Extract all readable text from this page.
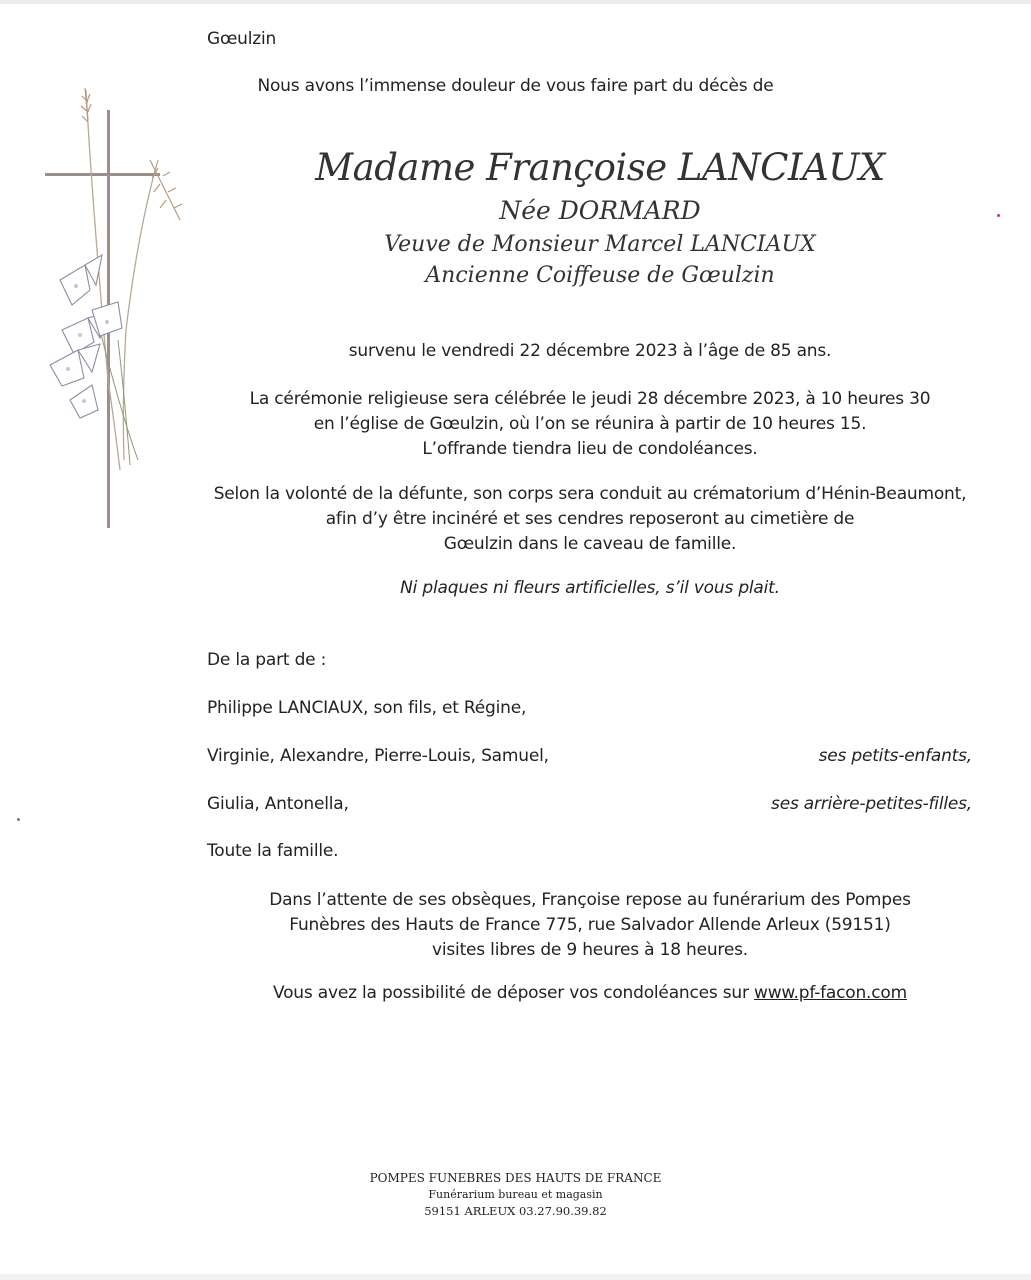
Gœulzin
Nous avons l’immense douleur de vous faire part du décès de
Madame Françoise LANCIAUX
Née DORMARD
Veuve de Monsieur Marcel LANCIAUX
Ancienne Coiffeuse de Gœulzin
survenu le vendredi 22 décembre 2023 à l’âge de 85 ans.
La cérémonie religieuse sera célébrée le jeudi 28 décembre 2023, à 10 heures 30
en l’église de Gœulzin, où l’on se réunira à partir de 10 heures 15.
L’offrande tiendra lieu de condoléances.
Selon la volonté de la défunte, son corps sera conduit au crématorium d’Hénin-Beaumont,
afin d’y être incinéré et ses cendres reposeront au cimetière de
Gœulzin dans le caveau de famille.
Ni plaques ni fleurs artificielles, s’il vous plait.
De la part de :
Philippe LANCIAUX, son fils, et Régine,
Virginie, Alexandre, Pierre-Louis, Samuel,	ses petits-enfants,
Giulia, Antonella,	ses arrière-petites-filles,
Toute la famille.
Dans l’attente de ses obsèques, Françoise repose au funérarium des Pompes
Funèbres des Hauts de France 775, rue Salvador Allende Arleux (59151)
visites libres de 9 heures à 18 heures.
Vous avez la possibilité de déposer vos condoléances sur www.pf-facon.com
POMPES FUNEBRES DES HAUTS DE FRANCE
Funérarium bureau et magasin
59151 ARLEUX 03.27.90.39.82
